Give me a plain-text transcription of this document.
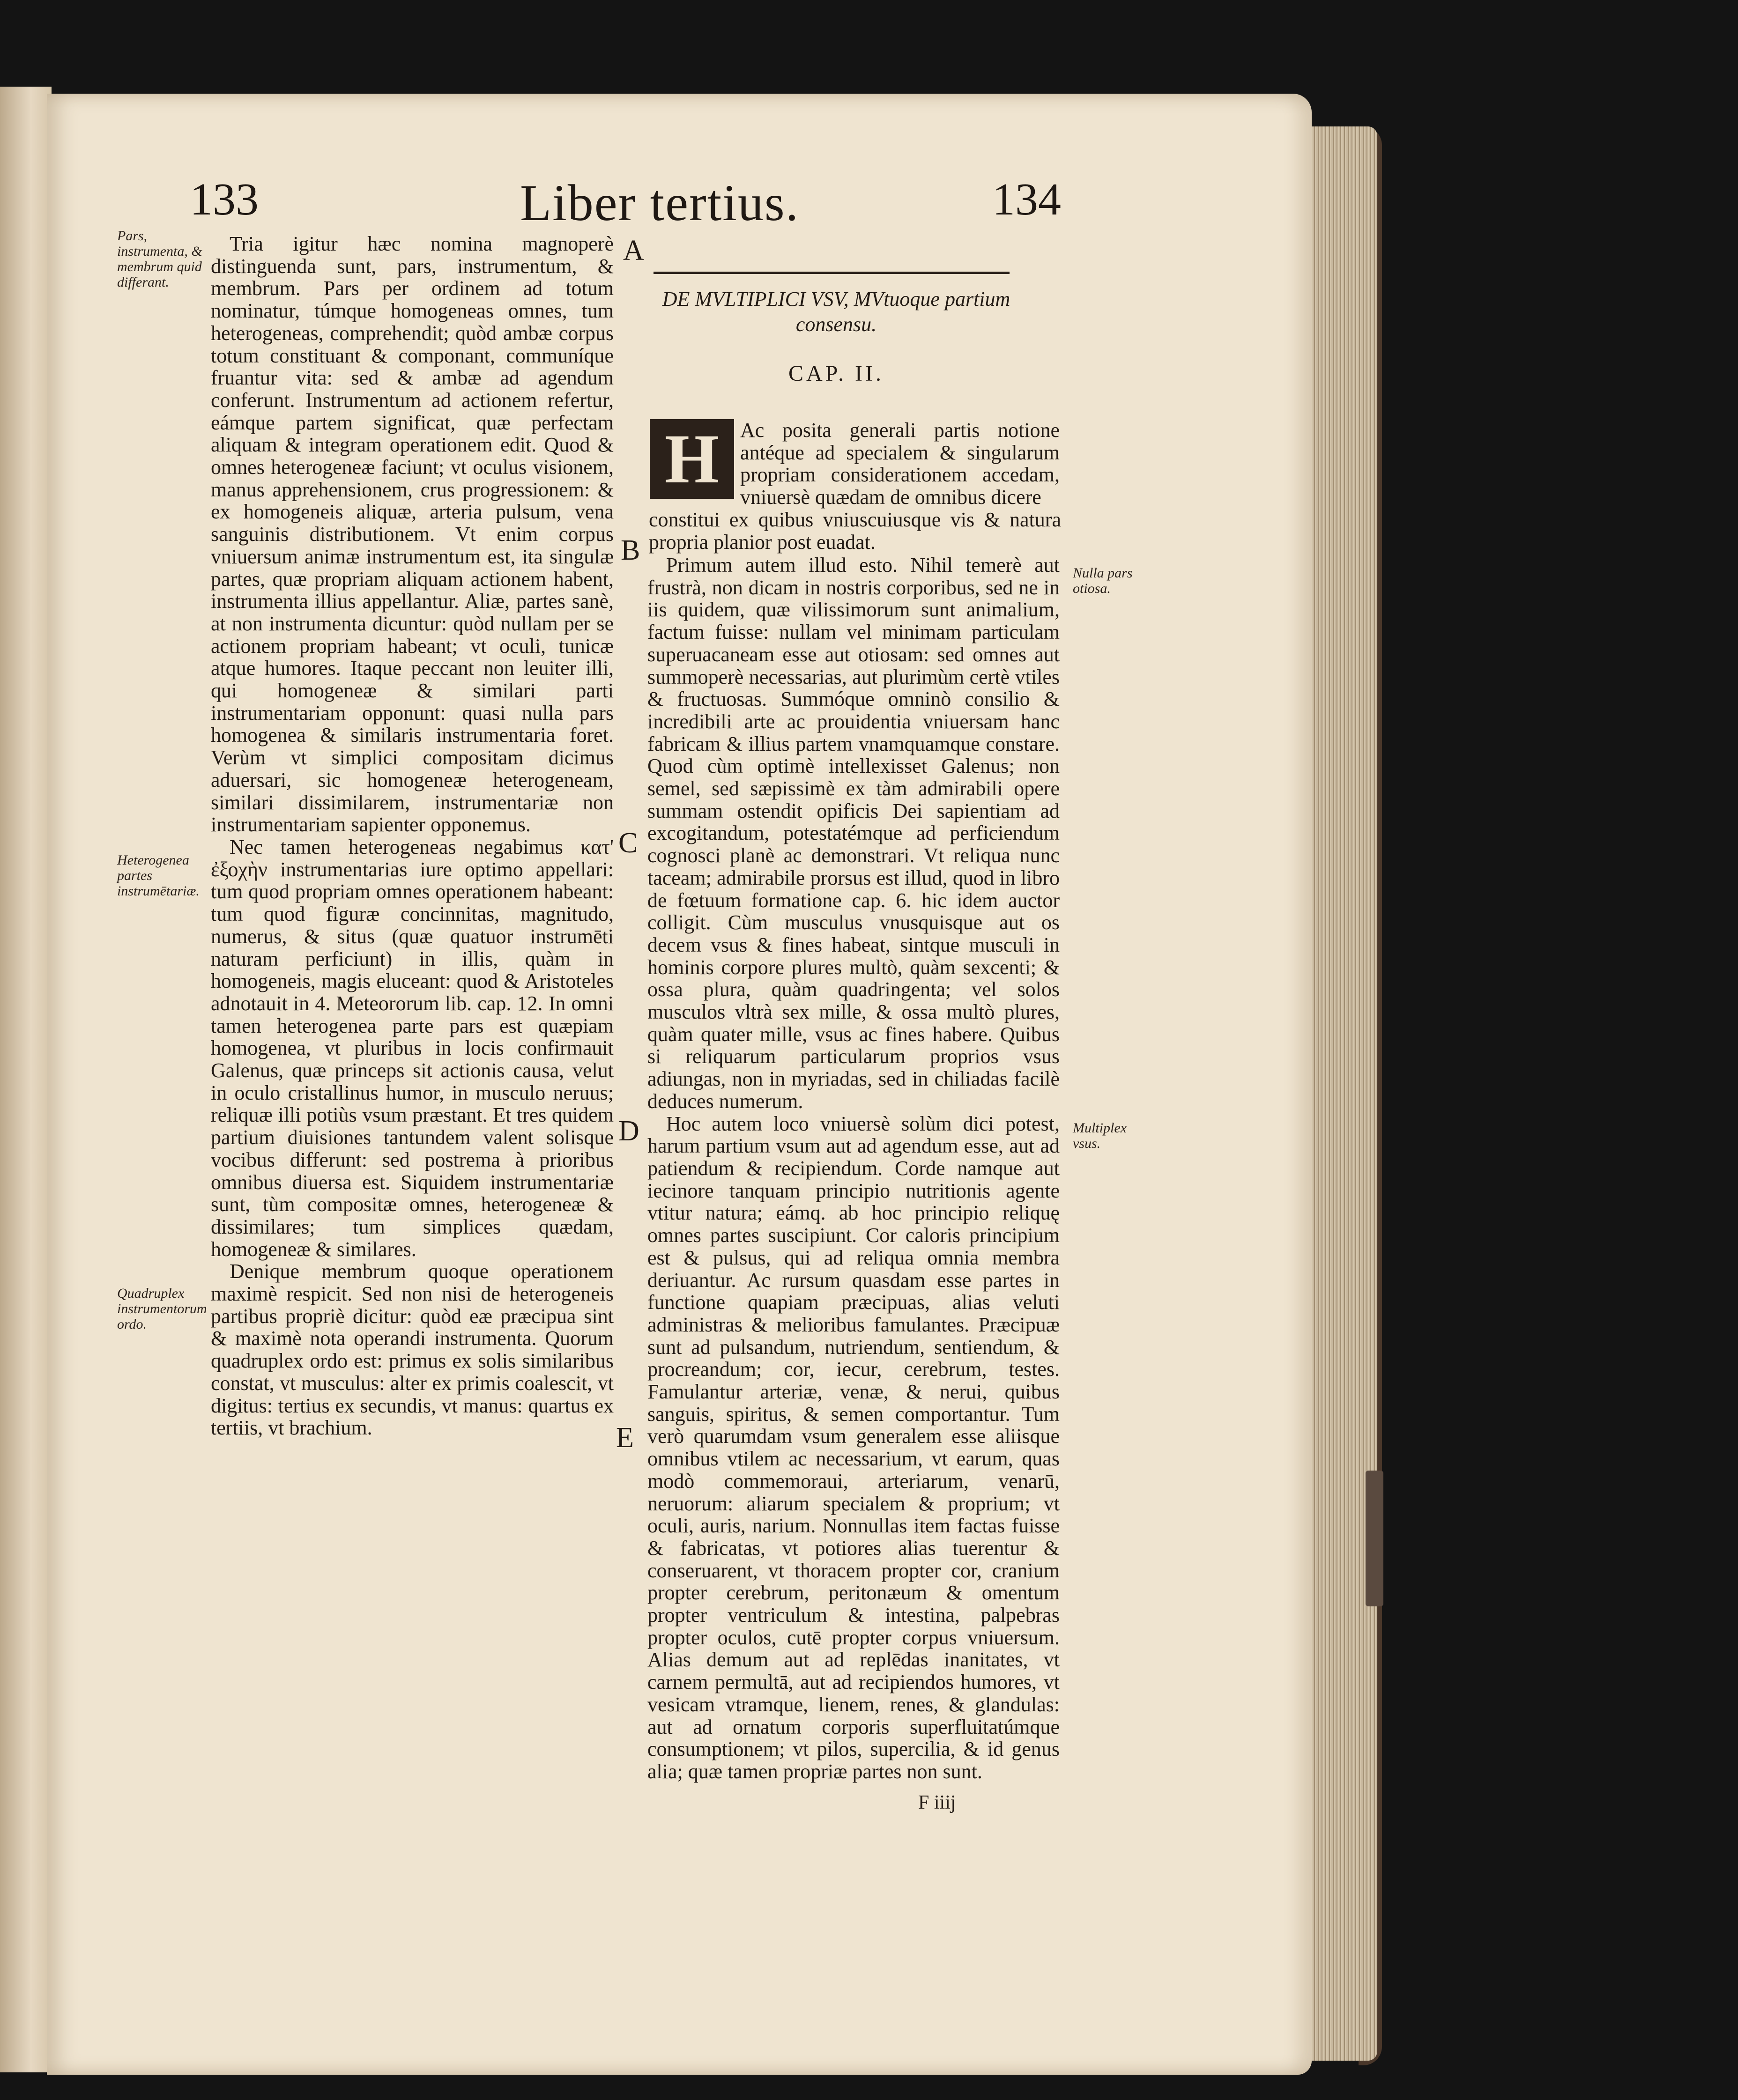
133	Liber tertius.	134
Pars, instrumenta, & membrum quid differant.
Heterogenea partes instrumētariæ.
Quadruplex instrumentorum ordo.

Tria igitur hæc nomina magnoperè distinguenda sunt, pars, instrumentum, & membrum. Pars per ordinem ad totum nominatur, túmque homogeneas omnes, tum heterogeneas, comprehendit; quòd ambæ corpus totum constituant & componant, communíque fruantur vita: sed & ambæ ad agendum conferunt. Instrumentum ad actionem refertur, eámque partem significat, quæ perfectam aliquam & integram operationem edit. Quod & omnes heterogeneæ faciunt; vt oculus visionem, manus apprehensionem, crus progressionem: & ex homogeneis aliquæ, arteria pulsum, vena sanguinis distributionem. Vt enim corpus vniuersum animæ instrumentum est, ita singulæ partes, quæ propriam aliquam actionem habent, instrumenta illius appellantur. Aliæ, partes sanè, at non instrumenta dicuntur: quòd nullam per se actionem propriam habeant; vt oculi, tunicæ atque humores. Itaque peccant non leuiter illi, qui homogeneæ & similari parti instrumentariam opponunt: quasi nulla pars homogenea & similaris instrumentaria foret. Verùm vt simplici compositam dicimus aduersari, sic homogeneæ heterogeneam, similari dissimilarem, instrumentariæ non instrumentariam sapienter opponemus.

Nec tamen heterogeneas negabimus κατ' ἐξοχὴν instrumentarias iure optimo appellari: tum quod propriam omnes operationem habeant: tum quod figuræ concinnitas, magnitudo, numerus, & situs (quæ quatuor instrumēti naturam perficiunt) in illis, quàm in homogeneis, magis eluceant: quod & Aristoteles adnotauit in 4. Meteororum lib. cap. 12. In omni tamen heterogenea parte pars est quæpiam homogenea, vt pluribus in locis confirmauit Galenus, quæ princeps sit actionis causa, velut in oculo cristallinus humor, in musculo neruus; reliquæ illi potiùs vsum præstant. Et tres quidem partium diuisiones tantundem valent solisque vocibus differunt: sed postrema à prioribus omnibus diuersa est. Siquidem instrumentariæ sunt, tùm compositæ omnes, heterogeneæ & dissimilares; tum simplices quædam, homogeneæ & similares.

Denique membrum quoque operationem maximè respicit. Sed non nisi de heterogeneis partibus propriè dicitur: quòd eæ præcipua sint & maximè nota operandi instrumenta. Quorum quadruplex ordo est: primus ex solis similaribus constat, vt musculus: alter ex primis coalescit, vt digitus: tertius ex secundis, vt manus: quartus ex tertiis, vt brachium.

A
B
C
D
E
DE MVLTIPLICI VSV, MVtuoque partium consensu.
CAP. II.
H	Ac posita generali partis notione antéque ad specialem & singularum propriam considerationem accedam, vniuersè quædam de omnibus dicere
constitui ex quibus vniuscuiusque vis & natura propria planior post euadat.
Nulla pars otiosa.
Multiplex vsus.

Primum autem illud esto. Nihil temerè aut frustrà, non dicam in nostris corporibus, sed ne in iis quidem, quæ vilissimorum sunt animalium, factum fuisse: nullam vel minimam particulam superuacaneam esse aut otiosam: sed omnes aut summoperè necessarias, aut plurimùm certè vtiles & fructuosas. Summóque omninò consilio & incredibili arte ac prouidentia vniuersam hanc fabricam & illius partem vnamquamque constare. Quod cùm optimè intellexisset Galenus; non semel, sed sæpissimè ex tàm admirabili opere summam ostendit opificis Dei sapientiam ad excogitandum, potestatémque ad perficiendum cognosci planè ac demonstrari. Vt reliqua nunc taceam; admirabile prorsus est illud, quod in libro de fœtuum formatione cap. 6. hic idem auctor colligit. Cùm musculus vnusquisque aut os decem vsus & fines habeat, sintque musculi in hominis corpore plures multò, quàm sexcenti; & ossa plura, quàm quadringenta; vel solos musculos vltrà sex mille, & ossa multò plures, quàm quater mille, vsus ac fines habere. Quibus si reliquarum particularum proprios vsus adiungas, non in myriadas, sed in chiliadas facilè deduces numerum.

Hoc autem loco vniuersè solùm dici potest, harum partium vsum aut ad agendum esse, aut ad patiendum & recipiendum. Corde namque aut iecinore tanquam principio nutritionis agente vtitur natura; eámq. ab hoc principio reliquę omnes partes suscipiunt. Cor caloris principium est & pulsus, qui ad reliqua omnia membra deriuantur. Ac rursum quasdam esse partes in functione quapiam præcipuas, alias veluti administras & melioribus famulantes. Præcipuæ sunt ad pulsandum, nutriendum, sentiendum, & procreandum; cor, iecur, cerebrum, testes. Famulantur arteriæ, venæ, & nerui, quibus sanguis, spiritus, & semen comportantur. Tum verò quarumdam vsum generalem esse aliisque omnibus vtilem ac necessarium, vt earum, quas modò commemoraui, arteriarum, venarū, neruorum: aliarum specialem & proprium; vt oculi, auris, narium. Nonnullas item factas fuisse & fabricatas, vt potiores alias tuerentur & conseruarent, vt thoracem propter cor, cranium propter cerebrum, peritonæum & omentum propter ventriculum & intestina, palpebras propter oculos, cutē propter corpus vniuersum. Alias demum aut ad replēdas inanitates, vt carnem permultā, aut ad recipiendos humores, vt vesicam vtramque, lienem, renes, & glandulas: aut ad ornatum corporis superfluitatúmque consumptionem; vt pilos, supercilia, & id genus alia; quæ tamen propriæ partes non sunt.

F iiij
